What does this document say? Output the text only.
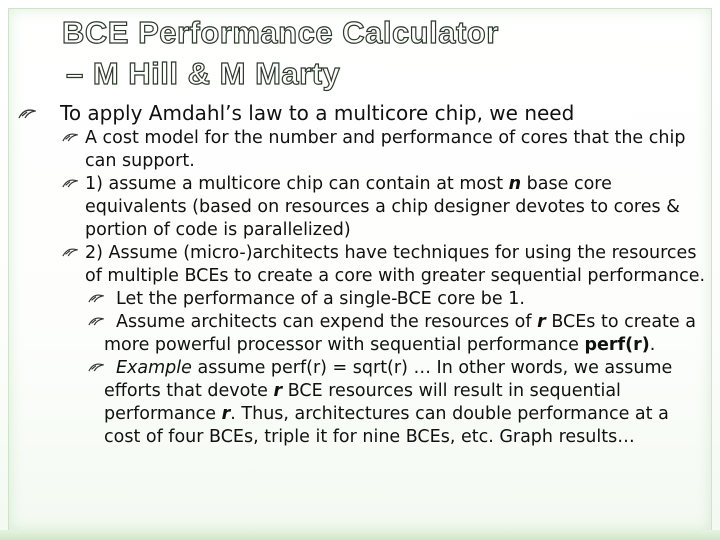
BCE Performance Calculator
– M Hill & M Marty

To apply Amdahl’s law to a multicore chip, we need

A cost model for the number and performance of cores that the chip can support.

1) assume a multicore chip can contain at most n base core equivalents (based on resources a chip designer devotes to cores & portion of code is parallelized)

2) Assume (micro-)architects have techniques for using the resources of multiple BCEs to create a core with greater sequential performance.

Let the performance of a single-BCE core be 1.

Assume architects can expend the resources of r BCEs to create a more powerful processor with sequential performance perf(r).

Example assume perf(r) = sqrt(r) … In other words, we assume efforts that devote r BCE resources will result in sequential performance r. Thus, architectures can double performance at a cost of four BCEs, triple it for nine BCEs, etc. Graph results…
